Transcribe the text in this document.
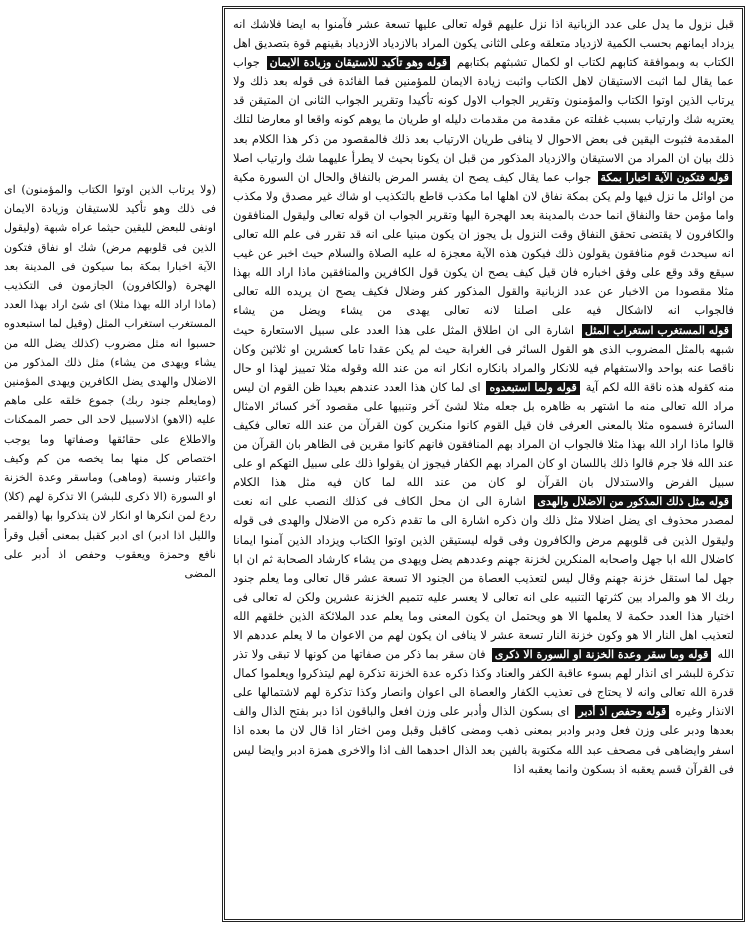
(ولا يرتاب الذين اوتوا الكتاب والمؤمنون) اى فى ذلك وهو تأكيد للاستيقان وزيادة الايمان اونفى للبعض لليقين حيثما عراه شبهة (وليقول الذين فى قلوبهم مرض) شك او نفاق فتكون الآية اخبارا بمكة بما سيكون فى المدينة بعد الهجرة (والكافرون) الجازمون فى التكذيب (ماذا اراد الله بهذا مثلا) اى شئ اراد بهذا العدد المستغرب استغراب المثل (وقيل لما استبعدوه حسبوا انه مثل مضروب (كذلك يضل الله من يشاء ويهدى من يشاء) مثل ذلك المذكور من الاضلال والهدى يضل الكافرين ويهدى المؤمنين (ومايعلم جنود ربك) جموع خلقه على ماهم عليه (الاهو) اذلاسبيل لاحد الى حصر الممكنات والاطلاع على حقائقها وصفاتها وما يوجب اختصاص كل منها بما يخصه من كم وكيف واعتبار ونسبة (وماهى) وماسقر وعدة الخزنة او السورة (الا ذكرى للبشر) الا تذكرة لهم (كلا) ردع لمن انكرها او انكار لان يتذكروا بها (والقمر والليل اذا ادبر) اى ادبر كقبل بمعنى أقبل وقرأ نافع وحمزة ويعقوب وحفص اذ أدبر على المضى

قبل نزول ما يدل على عدد الزبانية اذا نزل عليهم قوله تعالى عليها تسعة عشر فآمنوا به ايضا فلاشك انه يزداد ايمانهم بحسب الكمية لازدياد متعلقه وعلى الثانى يكون المراد بالازدياد الازدياد بقينهم قوة بتصديق اهل الكتاب به وبموافقة كتابهم لكتاب او لكمال تشبثهم بكتابهم قوله وهو تأكيد للاستيقان وزيادة الايمان جواب عما يقال لما اثبت الاستيقان لاهل الكتاب واثبت زيادة الايمان للمؤمنين فما الفائدة فى قوله بعد ذلك ولا يرتاب الذين اوتوا الكتاب والمؤمنون وتقرير الجواب الاول كونه تأكيدا وتقرير الجواب الثانى ان المتيقن قد يعتريه شك وارتياب بسبب غفلته عن مقدمة من مقدمات دليله او طريان ما يوهم كونه واقعا او معارضا لتلك المقدمة فثبوت اليقين فى بعض الاحوال لا ينافى طريان الارتياب بعد ذلك فالمقصود من ذكر هذا الكلام بعد ذلك بيان ان المراد من الاستيقان والازدياد المذكور من قبل ان يكونا بحيث لا يطرأ عليهما شك وارتياب اصلا قوله فتكون الآية اخبارا بمكة جواب عما يقال كيف يصح ان يفسر المرض بالنفاق والحال ان السورة مكية من اوائل ما نزل فيها ولم يكن بمكة نفاق لان اهلها اما مكذب قاطع بالتكذيب او شاك غير مصدق ولا مكذب واما مؤمن حقا والنفاق انما حدث بالمدينة بعد الهجرة اليها وتقرير الجواب ان قوله تعالى وليقول المنافقون والكافرون لا يقتضى تحقق النفاق وقت النزول بل يجوز ان يكون مبنيا على انه قد تقرر فى علم الله تعالى انه سيحدث قوم منافقون يقولون ذلك فيكون هذه الآية معجزة له عليه الصلاة والسلام حيث اخبر عن غيب سيقع وقد وقع على وفق اخباره فان قيل كيف يصح ان يكون قول الكافرين والمنافقين ماذا اراد الله بهذا مثلا مقصودا من الاخبار عن عدد الزبانية والقول المذكور كفر وضلال فكيف يصح ان يريده الله تعالى فالجواب انه لااشكال فيه على اصلنا لانه تعالى يهدى من يشاء ويضل من يشاء قوله المستغرب استغراب المثل اشارة الى ان اطلاق المثل على هذا العدد على سبيل الاستعارة حيث شبهه بالمثل المضروب الذى هو القول السائر فى الغرابة حيث لم يكن عقدا تاما كعشرين او ثلاثين وكان ناقصا عنه بواحد والاستفهام فيه للانكار والمراد بانكاره انكار انه من عند الله وقوله مثلا تمييز لهذا او حال منه كقوله هذه ناقة الله لكم آية قوله ولما استبعدوه اى لما كان هذا العدد عندهم بعيدا ظن القوم ان ليس مراد الله تعالى منه ما اشتهر به ظاهره بل جعله مثلا لشئ آخر وتنبيها على مقصود آخر كسائر الامثال السائرة فسموه مثلا بالمعنى العرفى فان قيل القوم كانوا منكرين كون القرآن من عند الله تعالى فكيف قالوا ماذا اراد الله بهذا مثلا فالجواب ان المراد بهم المنافقون فانهم كانوا مقرين فى الظاهر بان القرآن من عند الله فلا جرم قالوا ذلك باللسان او كان المراد بهم الكفار فيجوز ان يقولوا ذلك على سبيل التهكم او على سبيل الفرض والاستدلال بان القرآن لو كان من عند الله لما كان فيه مثل هذا الكلام قوله مثل ذلك المذكور من الاضلال والهدى اشارة الى ان محل الكاف فى كذلك النصب على انه نعت لمصدر محذوف اى يضل اضلالا مثل ذلك وان ذكره اشارة الى ما تقدم ذكره من الاضلال والهدى فى قوله وليقول الذين فى قلوبهم مرض والكافرون وفى قوله ليستيقن الذين اوتوا الكتاب ويزداد الذين آمنوا ايمانا كاضلال الله ابا جهل واصحابه المنكرين لخزنة جهنم وعددهم يضل ويهدى من يشاء كارشاد الصحابة ثم ان ابا جهل لما استقل خزنة جهنم وقال ليس لتعذيب العصاة من الجنود الا تسعة عشر قال تعالى وما يعلم جنود ربك الا هو والمراد بين كثرتها التنبيه على انه تعالى لا يعسر عليه تتميم الخزنة عشرين ولكن له تعالى فى اختيار هذا العدد حكمة لا يعلمها الا هو ويحتمل ان يكون المعنى وما يعلم عدد الملائكة الذين خلقهم الله لتعذيب اهل النار الا هو وكون خزنة النار تسعة عشر لا ينافى ان يكون لهم من الاعوان ما لا يعلم عددهم الا الله قوله وما سقر وعدة الخزنة او السورة الا ذكرى فان سقر بما ذكر من صفاتها من كونها لا تبقى ولا تذر تذكرة للبشر اى انذار لهم بسوء عاقبة الكفر والعناد وكذا ذكره عدة الخزنة تذكرة لهم ليتذكروا ويعلموا كمال قدرة الله تعالى وانه لا يحتاج فى تعذيب الكفار والعصاة الى اعوان وانصار وكذا تذكرة لهم لاشتمالها على الانذار وغيره قوله وحفص اذ أدبر اى بسكون الذال وأدبر على وزن افعل والباقون اذا دبر بفتح الذال والف بعدها ودبر على وزن فعل ودبر وادبر بمعنى ذهب ومضى كاقبل وقبل ومن اختار اذا قال لان ما بعده اذا اسفر وايضاهى فى مصحف عبد الله مكتوبة بالفين بعد الذال احدهما الف اذا والاخرى همزة ادبر وايضا ليس فى القرآن قسم يعقبه اذ بسكون وانما يعقبه اذا
